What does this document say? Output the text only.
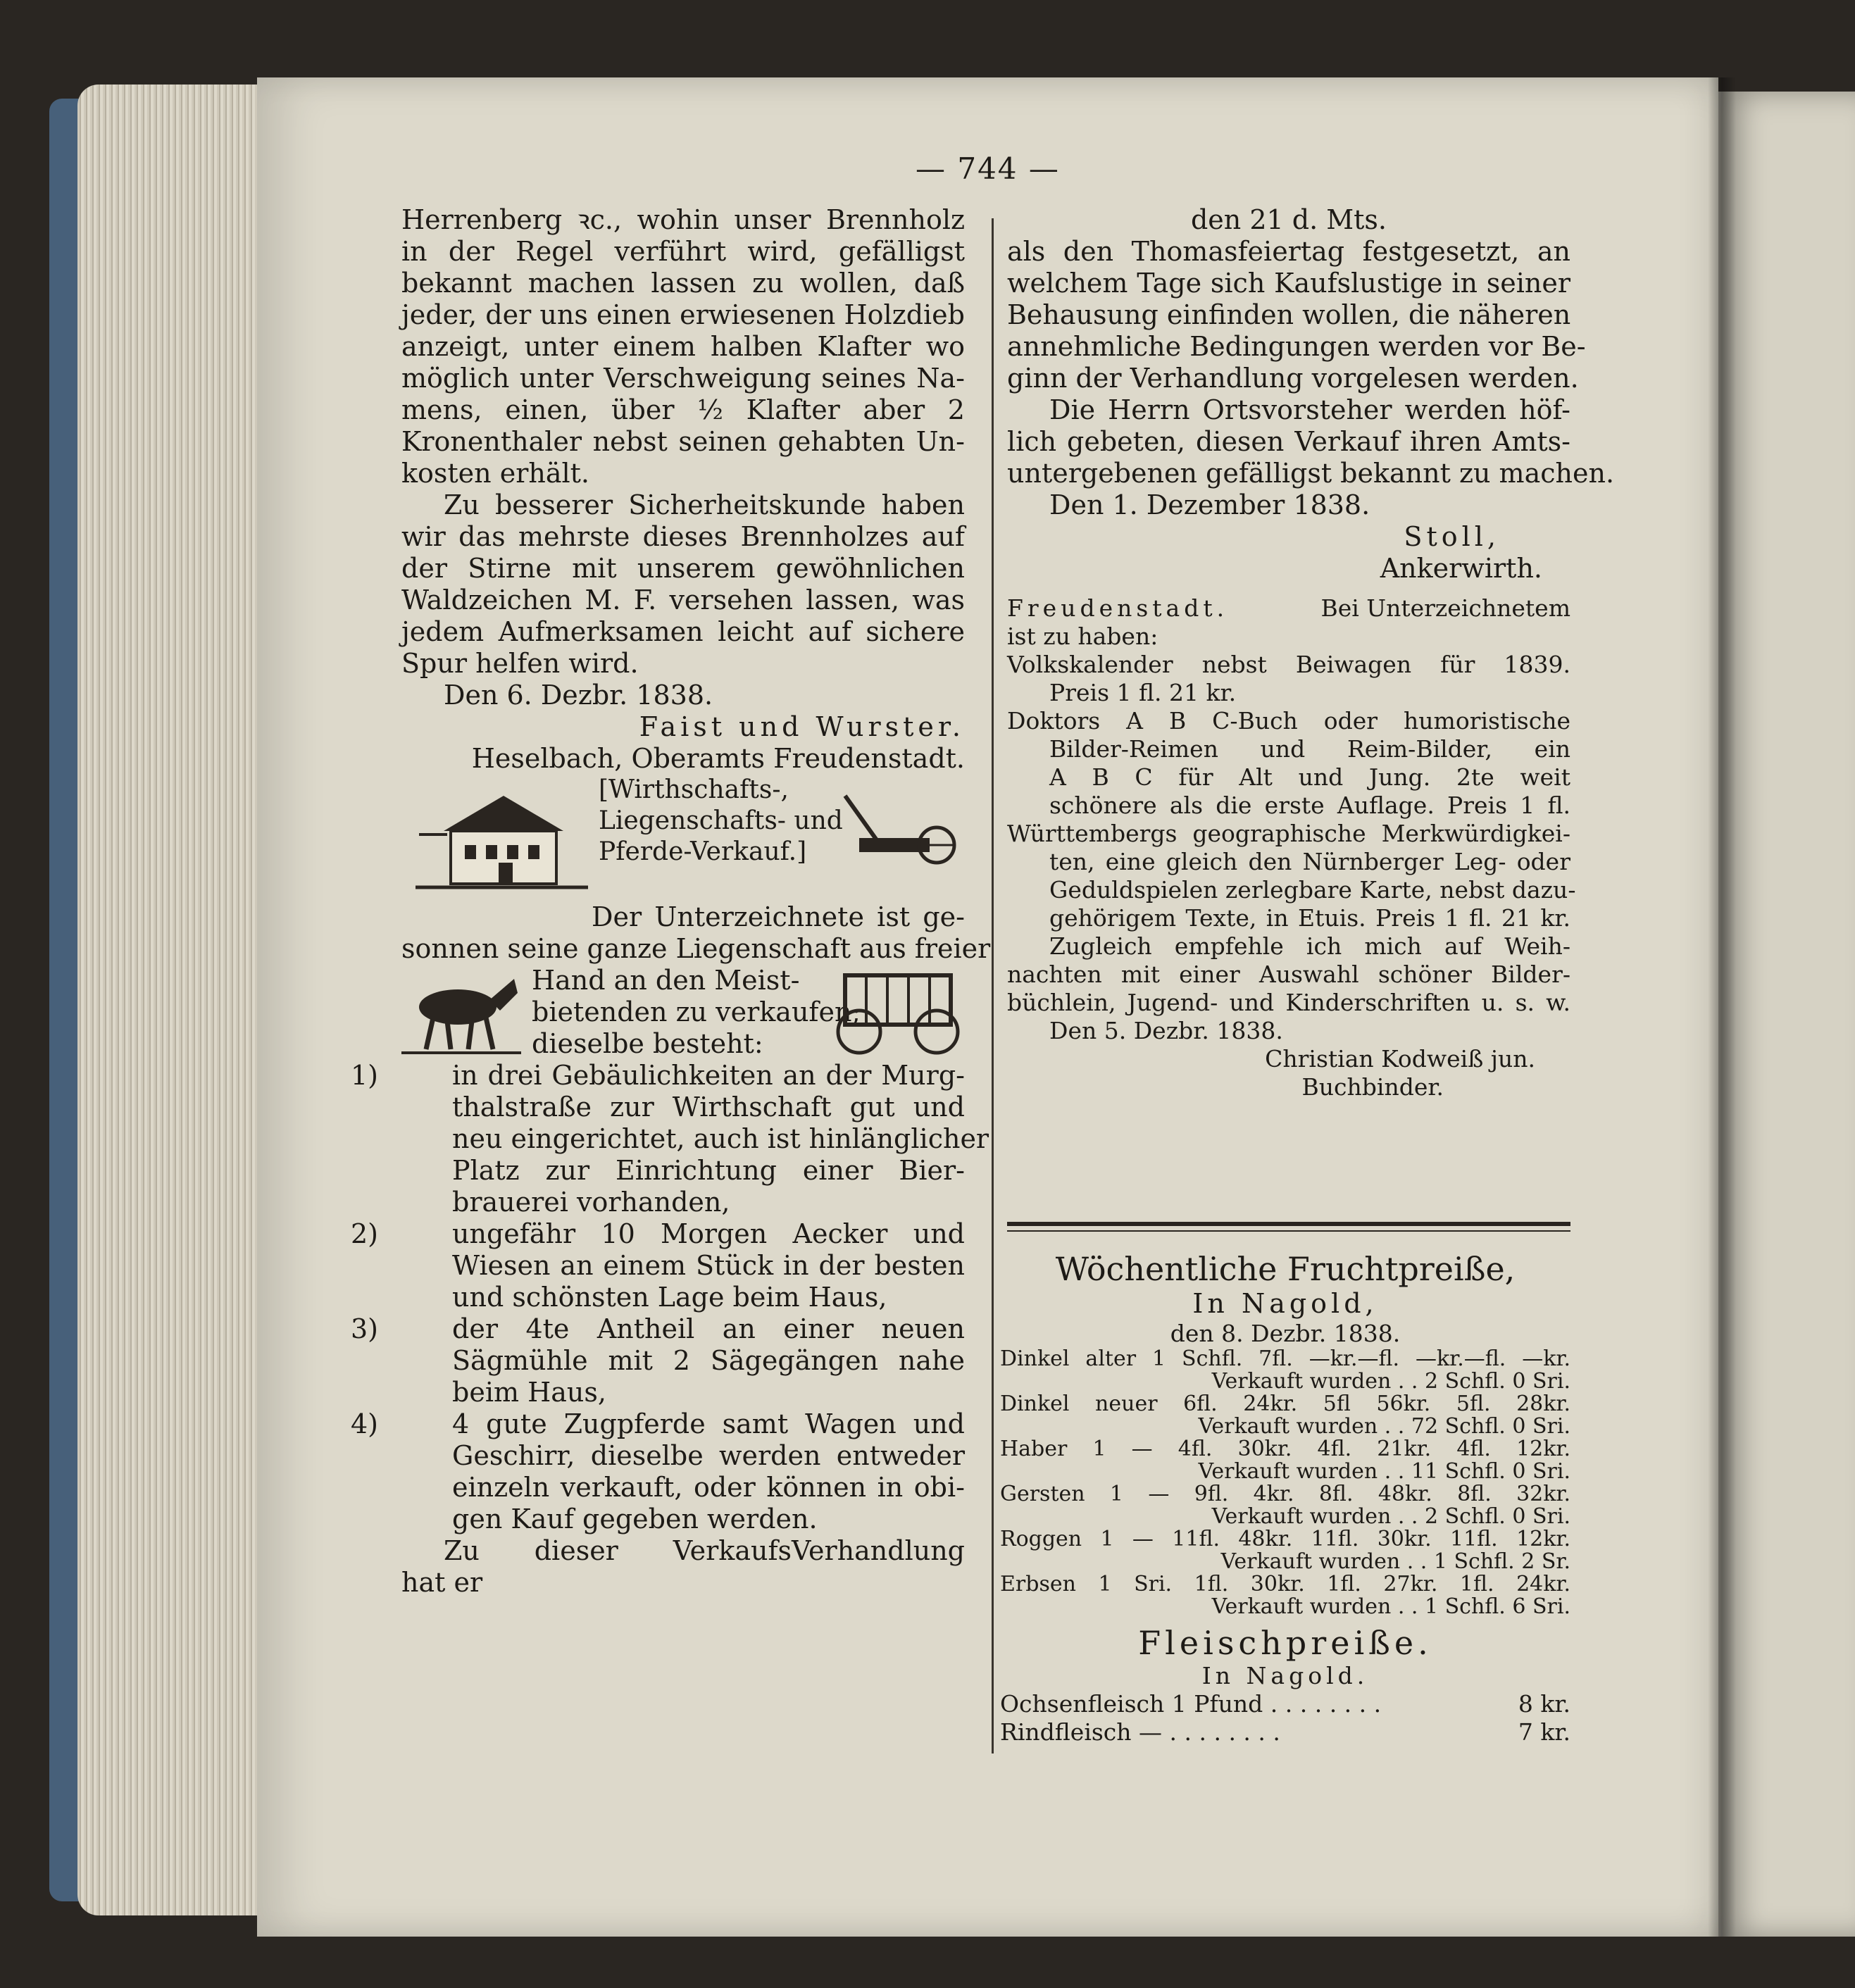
— 744 —
Herrenberg ꝛc., wohin unser Brennholz
in der Regel verführt wird, gefälligst
bekannt machen lassen zu wollen, daß
jeder, der uns einen erwiesenen Holzdieb
anzeigt, unter einem halben Klafter wo
möglich unter Verschweigung seines Na-
mens, einen, über ½ Klafter aber 2
Kronenthaler nebst seinen gehabten Un-
kosten erhält.
Zu besserer Sicherheitskunde haben
wir das mehrste dieses Brennholzes auf
der Stirne mit unserem gewöhnlichen
Waldzeichen M. F. versehen lassen, was
jedem Aufmerksamen leicht auf sichere
Spur helfen wird.
Den 6. Dezbr. 1838.
Faist und Wurster.
Heselbach, Oberamts Freudenstadt.
[Wirthschafts-,
Liegenschafts- und
Pferde-Verkauf.]
Der Unterzeichnete ist ge-
sonnen seine ganze Liegenschaft aus freier
Hand an den Meist-
bietenden zu verkaufen;
dieselbe besteht:
1)	in drei Gebäulichkeiten an der Murg-
thalstraße zur Wirthschaft gut und
neu eingerichtet, auch ist hinlänglicher
Platz zur Einrichtung einer Bier-
brauerei vorhanden,
2)	ungefähr 10 Morgen Aecker und
Wiesen an einem Stück in der besten
und schönsten Lage beim Haus,
3)	der 4te Antheil an einer neuen
Sägmühle mit 2 Sägegängen nahe
beim Haus,
4)	4 gute Zugpferde samt Wagen und
Geschirr, dieselbe werden entweder
einzeln verkauft, oder können in obi-
gen Kauf gegeben werden.
Zu dieser VerkaufsVerhandlung
hat er
den 21 d. Mts.
als den Thomasfeiertag festgesetzt, an
welchem Tage sich Kaufslustige in seiner
Behausung einfinden wollen, die näheren
annehmliche Bedingungen werden vor Be-
ginn der Verhandlung vorgelesen werden.
Die Herrn Ortsvorsteher werden höf-
lich gebeten, diesen Verkauf ihren Amts-
untergebenen gefälligst bekannt zu machen.
Den 1. Dezember 1838.
Stoll,
Ankerwirth.
Freudenstadt.	Bei Unterzeichnetem
ist zu haben:
Volkskalender nebst Beiwagen für 1839.
Preis 1 fl. 21 kr.
Doktors A B C-Buch oder humoristische
Bilder-Reimen und Reim-Bilder, ein
A B C für Alt und Jung. 2te weit
schönere als die erste Auflage. Preis 1 fl.
Württembergs geographische Merkwürdigkei-
ten, eine gleich den Nürnberger Leg- oder
Geduldspielen zerlegbare Karte, nebst dazu-
gehörigem Texte, in Etuis. Preis 1 fl. 21 kr.
Zugleich empfehle ich mich auf Weih-
nachten mit einer Auswahl schöner Bilder-
büchlein, Jugend- und Kinderschriften u. s. w.
Den 5. Dezbr. 1838.
Christian Kodweiß jun.
Buchbinder.
Wöchentliche Fruchtpreiße,
In Nagold,
den 8. Dezbr. 1838.
Dinkel alter 1 Schfl. 7fl. —kr.—fl. —kr.—fl. —kr.
Verkauft wurden . . 2 Schfl. 0 Sri.
Dinkel neuer 6fl. 24kr. 5fl 56kr. 5fl. 28kr.
Verkauft wurden . . 72 Schfl. 0 Sri.
Haber 1 — 4fl. 30kr. 4fl. 21kr. 4fl. 12kr.
Verkauft wurden . . 11 Schfl. 0 Sri.
Gersten 1 — 9fl. 4kr. 8fl. 48kr. 8fl. 32kr.
Verkauft wurden . . 2 Schfl. 0 Sri.
Roggen 1 — 11fl. 48kr. 11fl. 30kr. 11fl. 12kr.
Verkauft wurden . . 1 Schfl. 2 Sr.
Erbsen 1 Sri. 1fl. 30kr. 1fl. 27kr. 1fl. 24kr.
Verkauft wurden . . 1 Schfl. 6 Sri.
Fleischpreiße.
In Nagold.
Ochsenfleisch 1 Pfund . . . . . . . .	8 kr.
Rindfleisch — . . . . . . . .	7 kr.
